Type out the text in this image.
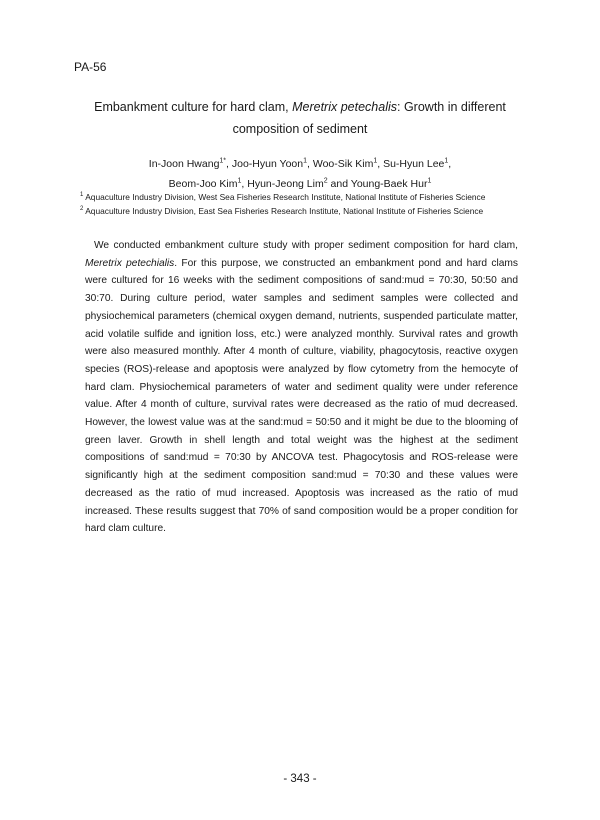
PA-56
Embankment culture for hard clam, Meretrix petechalis: Growth in different composition of sediment
In-Joon Hwang$^{1*}$, Joo-Hyun Yoon$^1$, Woo-Sik Kim$^1$, Su-Hyun Lee$^1$,
Beom-Joo Kim$^1$, Hyun-Jeong Lim$^2$ and Young-Baek Hur$^1$
$^1$ Aquaculture Industry Division, West Sea Fisheries Research Institute, National Institute of Fisheries Science
$^2$ Aquaculture Industry Division, East Sea Fisheries Research Institute, National Institute of Fisheries Science

We conducted embankment culture study with proper sediment composition for hard clam, Meretrix petechialis. For this purpose, we constructed an embankment pond and hard clams were cultured for 16 weeks with the sediment compositions of sand:mud = 70:30, 50:50 and 30:70. During culture period, water samples and sediment samples were collected and physiochemical parameters (chemical oxygen demand, nutrients, suspended particulate matter, acid volatile sulfide and ignition loss, etc.) were analyzed monthly. Survival rates and growth were also measured monthly. After 4 month of culture, viability, phagocytosis, reactive oxygen species (ROS)-release and apoptosis were analyzed by flow cytometry from the hemocyte of hard clam. Physiochemical parameters of water and sediment quality were under reference value. After 4 month of culture, survival rates were decreased as the ratio of mud decreased. However, the lowest value was at the sand:mud = 50:50 and it might be due to the blooming of green laver. Growth in shell length and total weight was the highest at the sediment compositions of sand:mud = 70:30 by ANCOVA test. Phagocytosis and ROS-release were significantly high at the sediment composition sand:mud = 70:30 and these values were decreased as the ratio of mud increased. Apoptosis was increased as the ratio of mud increased. These results suggest that 70% of sand composition would be a proper condition for hard clam culture.

- 343 -
